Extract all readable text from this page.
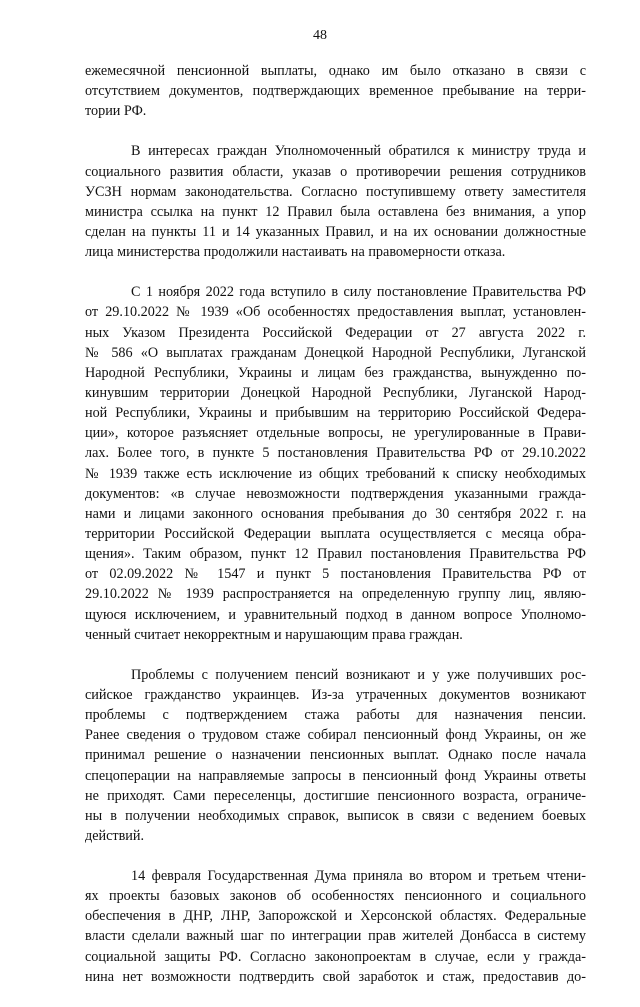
48
ежемесячной пенсионной выплаты, однако им было отказано в связи с
отсутствием документов, подтверждающих временное пребывание на терри-
тории РФ.
В интересах граждан Уполномоченный обратился к министру труда и
социального развития области, указав о противоречии решения сотрудников
УСЗН нормам законодательства. Согласно поступившему ответу заместителя
министра ссылка на пункт 12 Правил была оставлена без внимания, а упор
сделан на пункты 11 и 14 указанных Правил, и на их основании должностные
лица министерства продолжили настаивать на правомерности отказа.
С 1 ноября 2022 года вступило в силу постановление Правительства РФ
от 29.10.2022 № 1939 «Об особенностях предоставления выплат, установлен-
ных Указом Президента Российской Федерации от 27 августа 2022 г.
№ 586 «О выплатах гражданам Донецкой Народной Республики, Луганской
Народной Республики, Украины и лицам без гражданства, вынужденно по-
кинувшим территории Донецкой Народной Республики, Луганской Народ-
ной Республики, Украины и прибывшим на территорию Российской Федера-
ции», которое разъясняет отдельные вопросы, не урегулированные в Прави-
лах. Более того, в пункте 5 постановления Правительства РФ от 29.10.2022
№ 1939 также есть исключение из общих требований к списку необходимых
документов: «в случае невозможности подтверждения указанными гражда-
нами и лицами законного основания пребывания до 30 сентября 2022 г. на
территории Российской Федерации выплата осуществляется с месяца обра-
щения». Таким образом, пункт 12 Правил постановления Правительства РФ
от 02.09.2022 № 1547 и пункт 5 постановления Правительства РФ от
29.10.2022 № 1939 распространяется на определенную группу лиц, являю-
щуюся исключением, и уравнительный подход в данном вопросе Уполномо-
ченный считает некорректным и нарушающим права граждан.
Проблемы с получением пенсий возникают и у уже получивших рос-
сийское гражданство украинцев. Из-за утраченных документов возникают
проблемы с подтверждением стажа работы для назначения пенсии.
Ранее сведения о трудовом стаже собирал пенсионный фонд Украины, он же
принимал решение о назначении пенсионных выплат. Однако после начала
спецоперации на направляемые запросы в пенсионный фонд Украины ответы
не приходят. Сами переселенцы, достигшие пенсионного возраста, ограниче-
ны в получении необходимых справок, выписок в связи с ведением боевых
действий.
14 февраля Государственная Дума приняла во втором и третьем чтени-
ях проекты базовых законов об особенностях пенсионного и социального
обеспечения в ДНР, ЛНР, Запорожской и Херсонской областях. Федеральные
власти сделали важный шаг по интеграции прав жителей Донбасса в систему
социальной защиты РФ. Согласно законопроектам в случае, если у гражда-
нина нет возможности подтвердить свой заработок и стаж, предоставив до-
